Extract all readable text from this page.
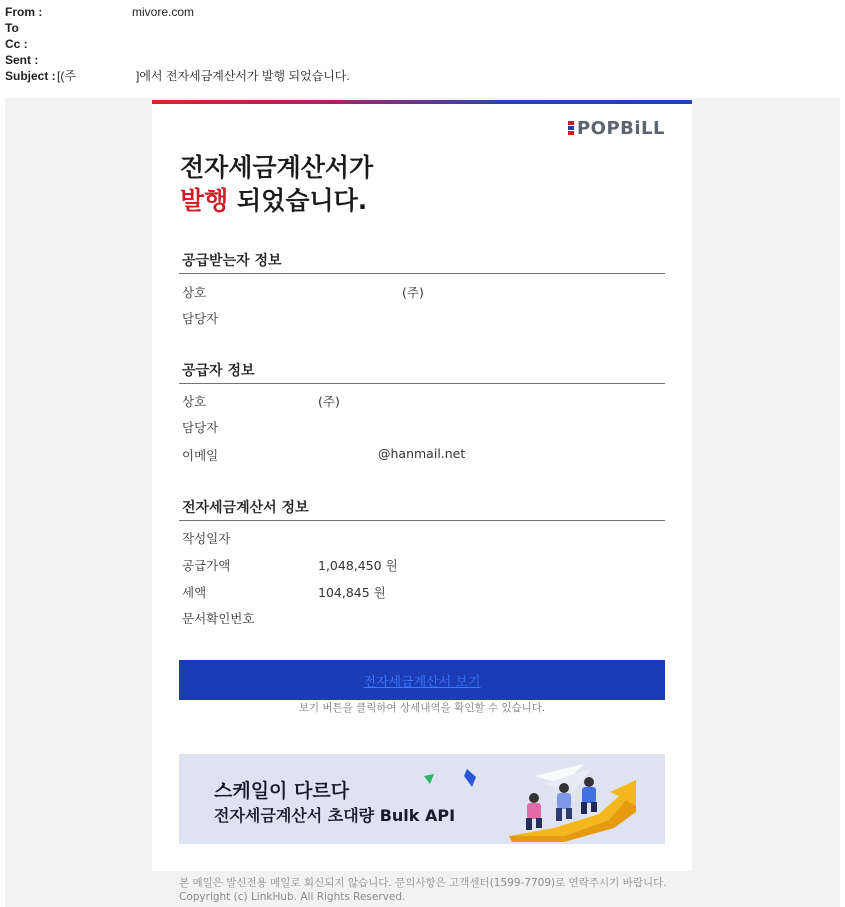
From :	mivore.com
To
Cc :
Sent :
Subject : [(주	]에서 전자세금계산서가 발행 되었습니다.
POPBiLL
전자세금계산서가
발행 되었습니다.
공급받는자 정보
상호	(주)
담당자
공급자 정보
상호	(주)
담당자
이메일	@hanmail.net
전자세금계산서 정보
작성일자
공급가액	1,048,450 원
세액	104,845 원
문서확인번호
전자세금계산서 보기
보기 버튼을 클릭하여 상세내역을 확인할 수 있습니다.
스케일이 다르다
전자세금계산서 초대량 Bulk API
본 메일은 발신전용 메일로 회신되지 않습니다. 문의사항은 고객센터(1599-7709)로 연락주시기 바랍니다.
Copyright (c) LinkHub. All Rights Reserved.
